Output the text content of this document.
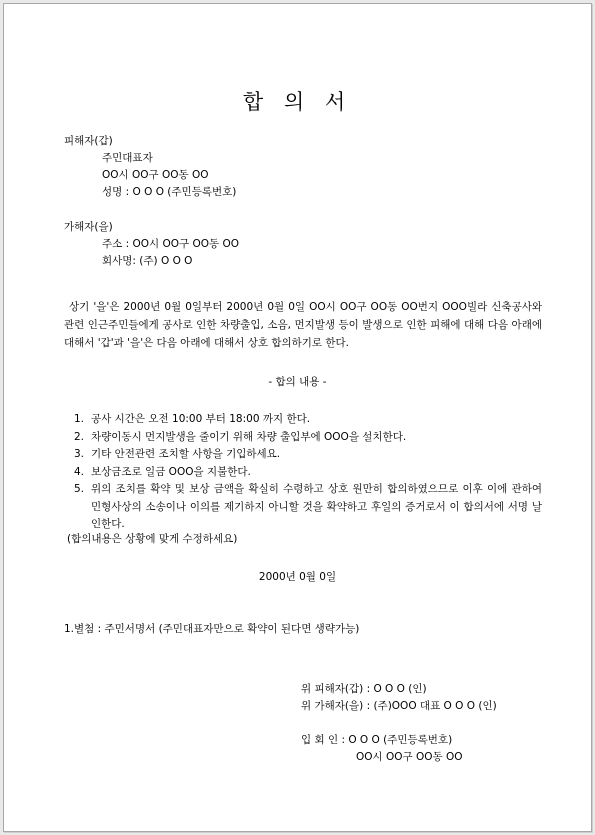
합 의 서
피해자(갑)
주민대표자
OO시 OO구 OO동 OO
성명 : O O O (주민등록번호)
가해자(을)
주소 : OO시 OO구 OO동 OO
회사명: (주) O O O
상기 '을'은 2000년 0월 0일부터 2000년 0월 0일 OO시 OO구 OO동 OO번지 OOO빌라 신축공사와 관련 인근주민들에게 공사로 인한 차량출입, 소음, 먼지발생 등이 발생으로 인한 피해에 대해 다음 아래에 대해서 '갑'과 '을'은 다음 아래에 대해서 상호 합의하기로 한다.
- 합의 내용 -
1. 공사 시간은 오전 10:00 부터 18:00 까지 한다.
2. 차량이동시 먼지발생을 줄이기 위해 차량 출입부에 OOO을 설치한다.
3. 기타 안전관련 조치할 사항을 기입하세요.
4. 보상금조로 일금 OOO을 지불한다.
5. 위의 조치를 확약 및 보상 금액을 확실히 수령하고 상호 원만히 합의하였으므로 이후 이에 관하여 민형사상의 소송이나 이의를 제기하지 아니할 것을 확약하고 후일의 증거로서 이 합의서에 서명 날인한다.
(합의내용은 상황에 맞게 수정하세요)
2000년 0월 0일
1.별첨 : 주민서명서 (주민대표자만으로 확약이 된다면 생략가능)
위 피해자(갑) : O O O (인)
위 가해자(을) : (주)OOO 대표 O O O (인)
입 회 인 : O O O (주민등록번호)
OO시 OO구 OO동 OO
